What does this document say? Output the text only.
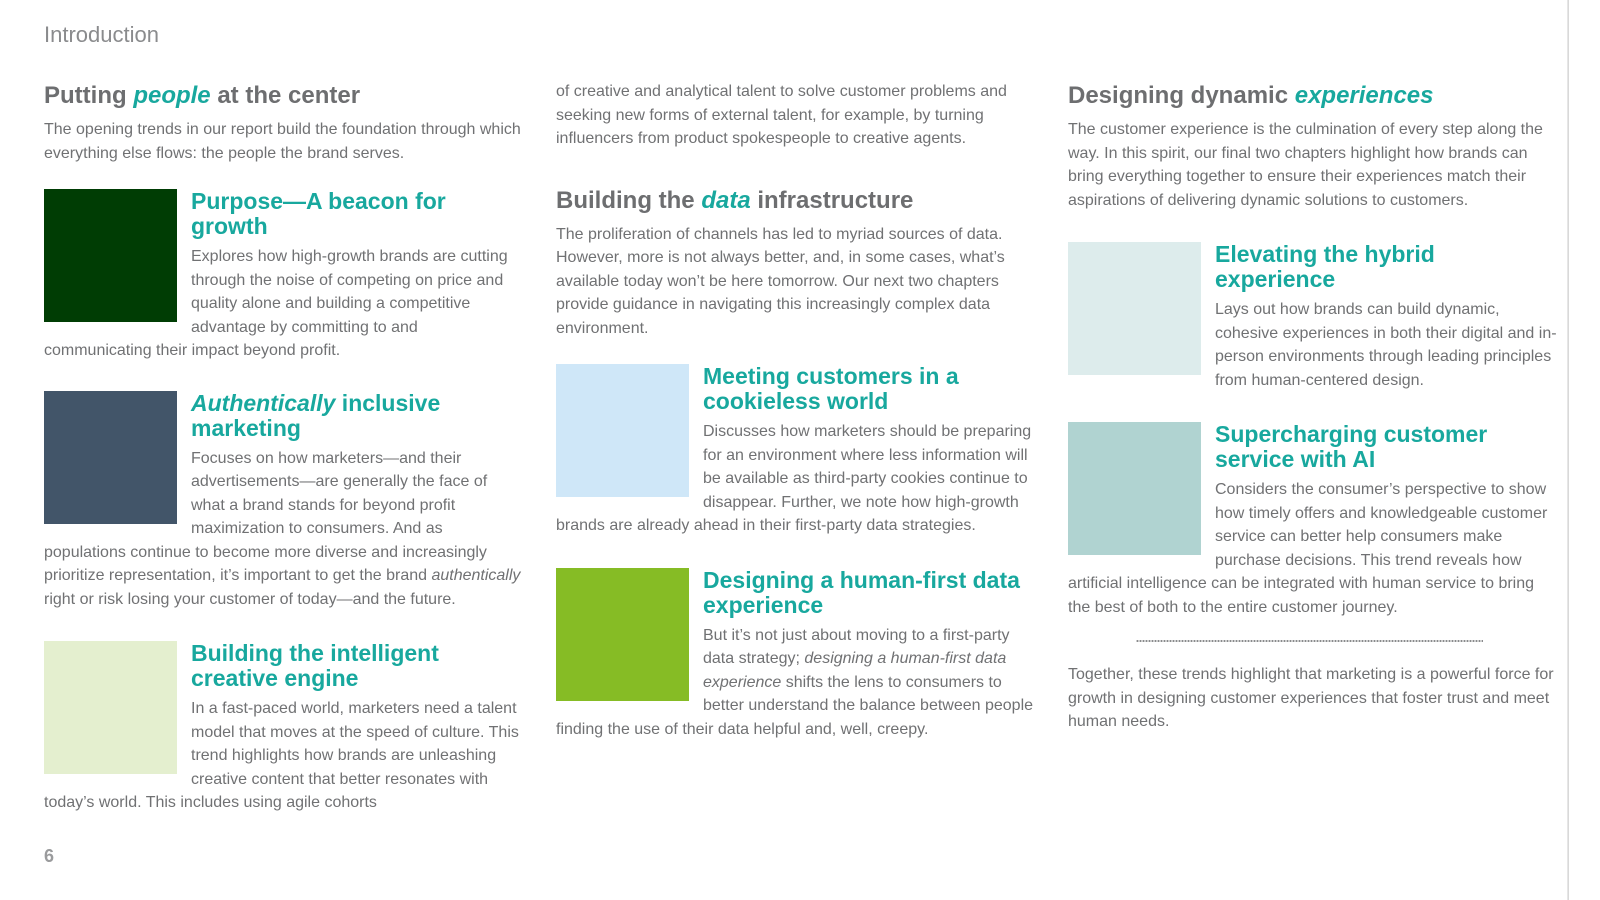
Introduction
Putting people at the center

The opening trends in our report build the foundation through which everything else flows: the people the brand serves.

Purpose—A beacon for growth

Explores how high-growth brands are cutting through the noise of competing on price and quality alone and building a competitive advantage by committing to and communicating their impact beyond profit.

Authentically inclusive marketing

Focuses on how marketers—and their advertisements—are generally the face of what a brand stands for beyond profit maximization to consumers. And as populations continue to become more diverse and increasingly prioritize representation, it’s important to get the brand authentically right or risk losing your customer of today—and the future.

Building the intelligent creative engine

In a fast-paced world, marketers need a talent model that moves at the speed of culture. This trend highlights how brands are unleashing creative content that better resonates with today’s world. This includes using agile cohorts

of creative and analytical talent to solve customer problems and seeking new forms of external talent, for example, by turning influencers from product spokespeople to creative agents.

Building the data infrastructure

The proliferation of channels has led to myriad sources of data. However, more is not always better, and, in some cases, what’s available today won’t be here tomorrow. Our next two chapters provide guidance in navigating this increasingly complex data environment.

Meeting customers in a cookieless world

Discusses how marketers should be preparing for an environment where less information will be available as third-party cookies continue to disappear. Further, we note how high-growth brands are already ahead in their first-party data strategies.

Designing a human-first data experience

But it’s not just about moving to a first-party data strategy; designing a human-first data experience shifts the lens to consumers to better understand the balance between people finding the use of their data helpful and, well, creepy.

Designing dynamic experiences

The customer experience is the culmination of every step along the way. In this spirit, our final two chapters highlight how brands can bring everything together to ensure their experiences match their aspirations of delivering dynamic solutions to customers.

Elevating the hybrid experience

Lays out how brands can build dynamic, cohesive experiences in both their digital and in-person environments through leading principles from human-centered design.

Supercharging customer service with AI

Considers the consumer’s perspective to show how timely offers and knowledgeable customer service can better help consumers make purchase decisions. This trend reveals how artificial intelligence can be integrated with human service to bring the best of both to the entire customer journey.

Together, these trends highlight that marketing is a powerful force for growth in designing customer experiences that foster trust and meet human needs.

6
